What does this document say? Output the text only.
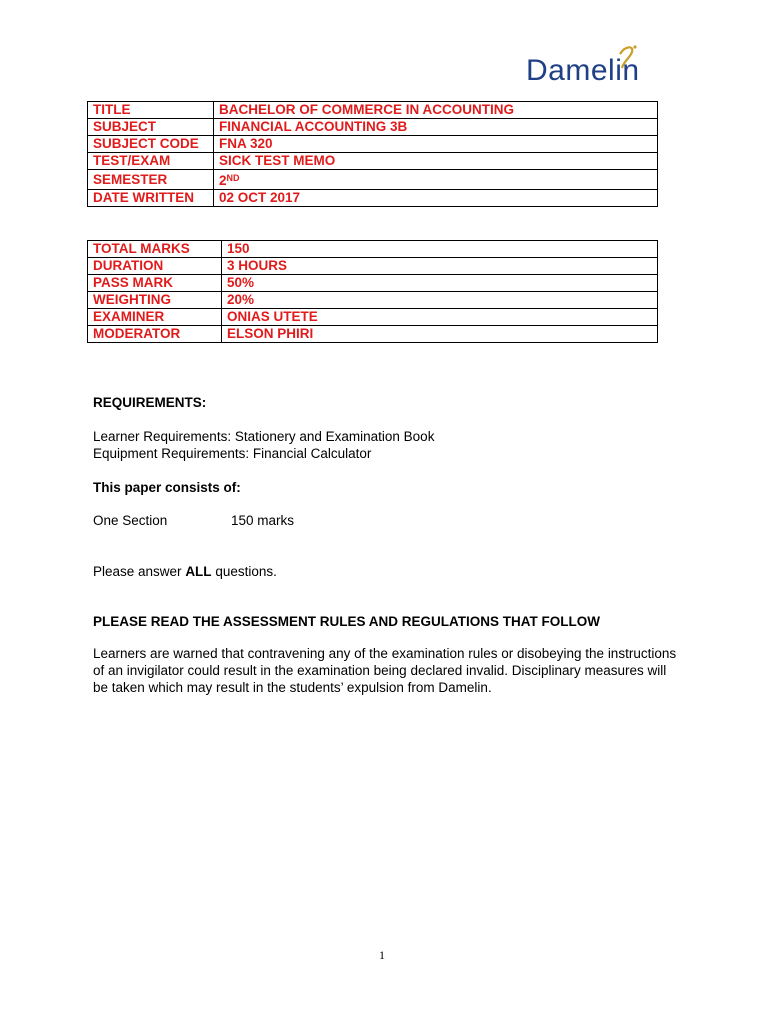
Damelin
TITLE	BACHELOR OF COMMERCE IN ACCOUNTING
SUBJECT	FINANCIAL ACCOUNTING 3B
SUBJECT CODE	FNA 320
TEST/EXAM	SICK TEST MEMO
SEMESTER	2ND
DATE WRITTEN	02 OCT 2017
TOTAL MARKS	150
DURATION	3 HOURS
PASS MARK	50%
WEIGHTING	20%
EXAMINER	ONIAS UTETE
MODERATOR	ELSON PHIRI
REQUIREMENTS:
Learner Requirements: Stationery and Examination Book
Equipment Requirements: Financial Calculator
This paper consists of:
One Section	150 marks
Please answer ALL questions.
PLEASE READ THE ASSESSMENT RULES AND REGULATIONS THAT FOLLOW
Learners are warned that contravening any of the examination rules or disobeying the instructions of an invigilator could result in the examination being declared invalid. Disciplinary measures will be taken which may result in the students’ expulsion from Damelin.
1
